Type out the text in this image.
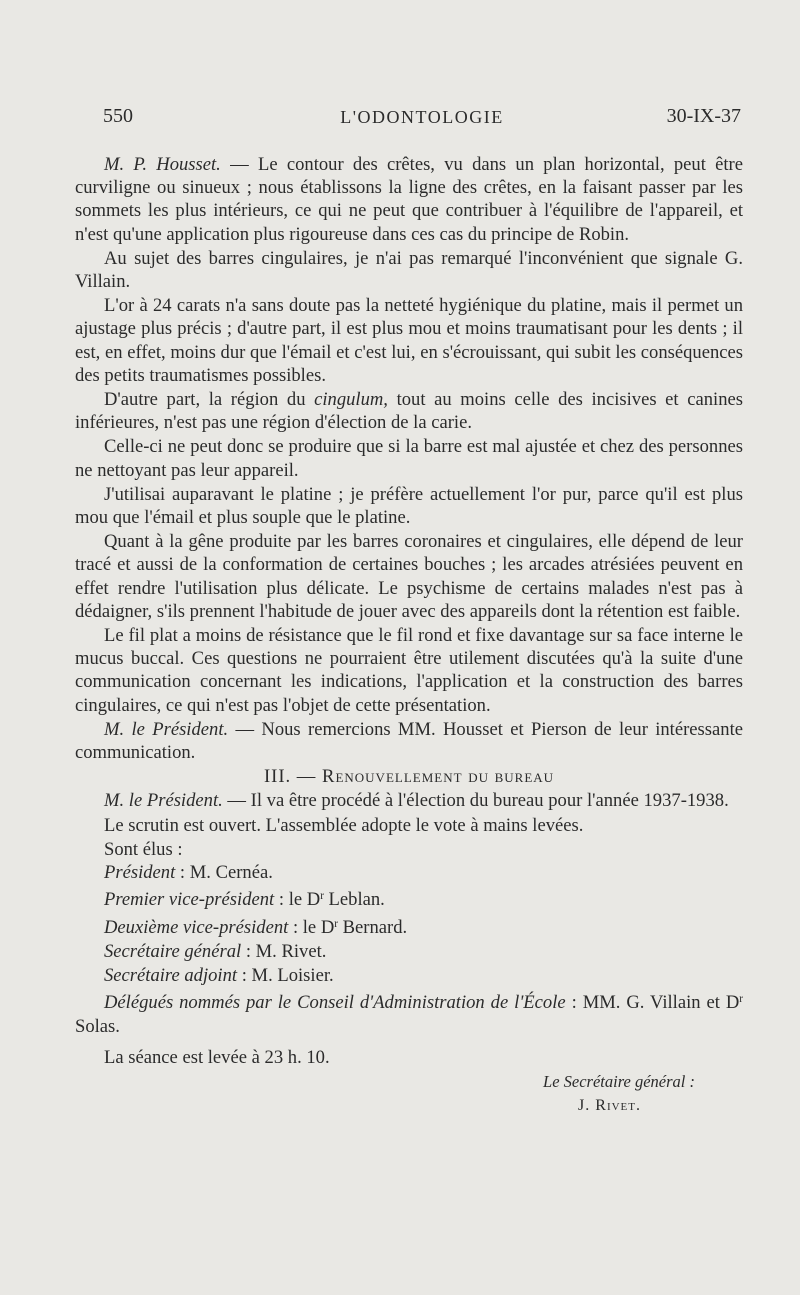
550	L'ODONTOLOGIE	30-IX-37

M. P. Housset. — Le contour des crêtes, vu dans un plan horizontal, peut être curviligne ou sinueux ; nous établissons la ligne des crêtes, en la faisant passer par les sommets les plus intérieurs, ce qui ne peut que contribuer à l'équilibre de l'appareil, et n'est qu'une application plus rigoureuse dans ces cas du principe de Robin.

Au sujet des barres cingulaires, je n'ai pas remarqué l'inconvénient que signale G. Villain.

L'or à 24 carats n'a sans doute pas la netteté hygiénique du platine, mais il permet un ajustage plus précis ; d'autre part, il est plus mou et moins traumatisant pour les dents ; il est, en effet, moins dur que l'émail et c'est lui, en s'écrouissant, qui subit les conséquences des petits traumatismes possibles.

D'autre part, la région du cingulum, tout au moins celle des incisives et canines inférieures, n'est pas une région d'élection de la carie.

Celle-ci ne peut donc se produire que si la barre est mal ajustée et chez des personnes ne nettoyant pas leur appareil.

J'utilisai auparavant le platine ; je préfère actuellement l'or pur, parce qu'il est plus mou que l'émail et plus souple que le platine.

Quant à la gêne produite par les barres coronaires et cingulaires, elle dépend de leur tracé et aussi de la conformation de certaines bouches ; les arcades atrésiées peuvent en effet rendre l'utilisation plus délicate. Le psychisme de certains malades n'est pas à dédaigner, s'ils prennent l'habitude de jouer avec des appareils dont la rétention est faible.

Le fil plat a moins de résistance que le fil rond et fixe davantage sur sa face interne le mucus buccal. Ces questions ne pourraient être utilement discutées qu'à la suite d'une communication concernant les indications, l'application et la construction des barres cingulaires, ce qui n'est pas l'objet de cette présentation.

M. le Président. — Nous remercions MM. Housset et Pierson de leur intéressante communication.

III. — Renouvellement du bureau

M. le Président. — Il va être procédé à l'élection du bureau pour l'année 1937-1938.

Le scrutin est ouvert. L'assemblée adopte le vote à mains levées.

Sont élus :

Président : M. Cernéa.

Premier vice-président : le $D^r$ Leblan.

Deuxième vice-président : le $D^r$ Bernard.

Secrétaire général : M. Rivet.

Secrétaire adjoint : M. Loisier.

Délégués nommés par le Conseil d'Administration de l'École : MM. G. Villain et $D^r$ Solas.

La séance est levée à 23 h. 10.

Le Secrétaire général :

J. Rivet.
